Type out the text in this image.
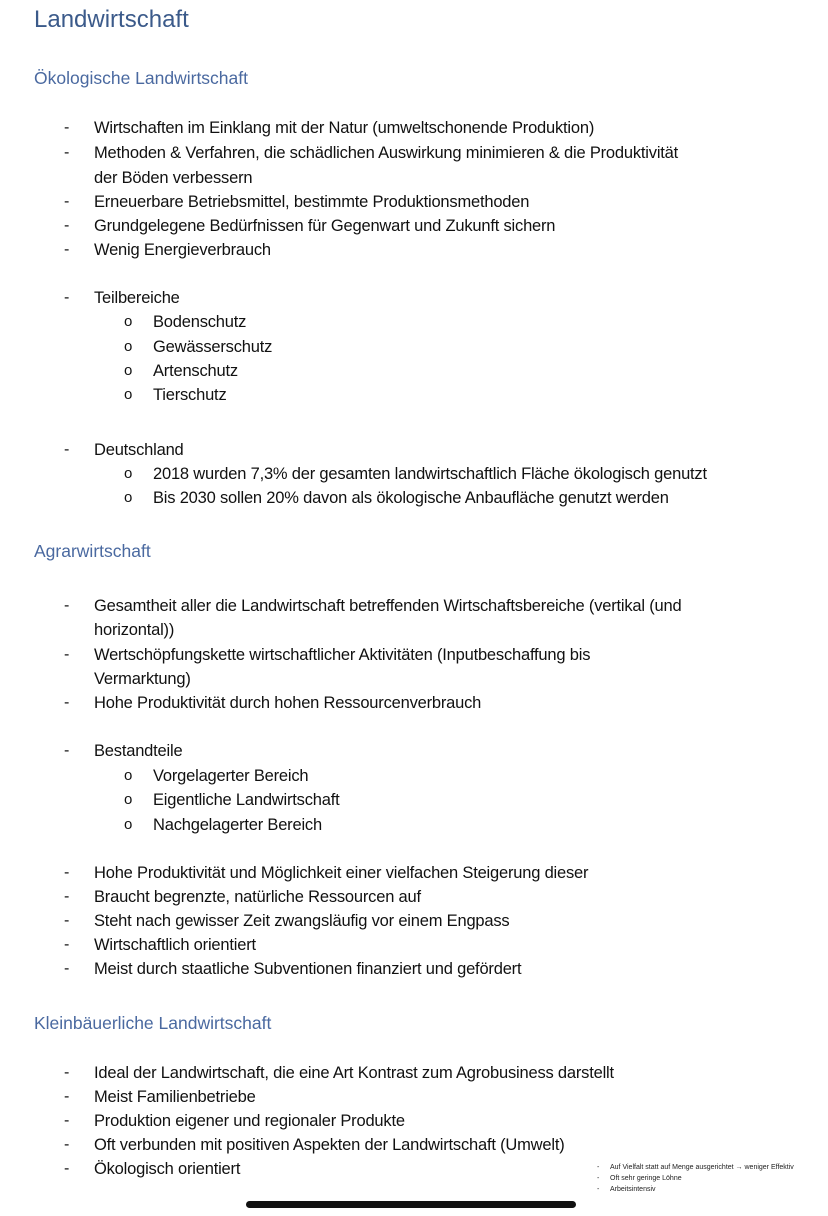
Landwirtschaft
Ökologische Landwirtschaft
- Wirtschaften im Einklang mit der Natur (umweltschonende Produktion)
- Methoden & Verfahren, die schädlichen Auswirkung minimieren & die Produktivität
der Böden verbessern
- Erneuerbare Betriebsmittel, bestimmte Produktionsmethoden
- Grundgelegene Bedürfnissen für Gegenwart und Zukunft sichern
- Wenig Energieverbrauch
- Teilbereiche
o Bodenschutz
o Gewässerschutz
o Artenschutz
o Tierschutz
- Deutschland
o 2018 wurden 7,3% der gesamten landwirtschaftlich Fläche ökologisch genutzt
o Bis 2030 sollen 20% davon als ökologische Anbaufläche genutzt werden
Agrarwirtschaft
- Gesamtheit aller die Landwirtschaft betreffenden Wirtschaftsbereiche (vertikal (und
horizontal))
- Wertschöpfungskette wirtschaftlicher Aktivitäten (Inputbeschaffung bis
Vermarktung)
- Hohe Produktivität durch hohen Ressourcenverbrauch
- Bestandteile
o Vorgelagerter Bereich
o Eigentliche Landwirtschaft
o Nachgelagerter Bereich
- Hohe Produktivität und Möglichkeit einer vielfachen Steigerung dieser
- Braucht begrenzte, natürliche Ressourcen auf
- Steht nach gewisser Zeit zwangsläufig vor einem Engpass
- Wirtschaftlich orientiert
- Meist durch staatliche Subventionen finanziert und gefördert
Kleinbäuerliche Landwirtschaft
- Ideal der Landwirtschaft, die eine Art Kontrast zum Agrobusiness darstellt
- Meist Familienbetriebe
- Produktion eigener und regionaler Produkte
- Oft verbunden mit positiven Aspekten der Landwirtschaft (Umwelt)
- Ökologisch orientiert	- Auf Vielfalt statt auf Menge ausgerichtet → weniger Effektiv
- Oft sehr geringe Löhne
- Arbeitsintensiv
